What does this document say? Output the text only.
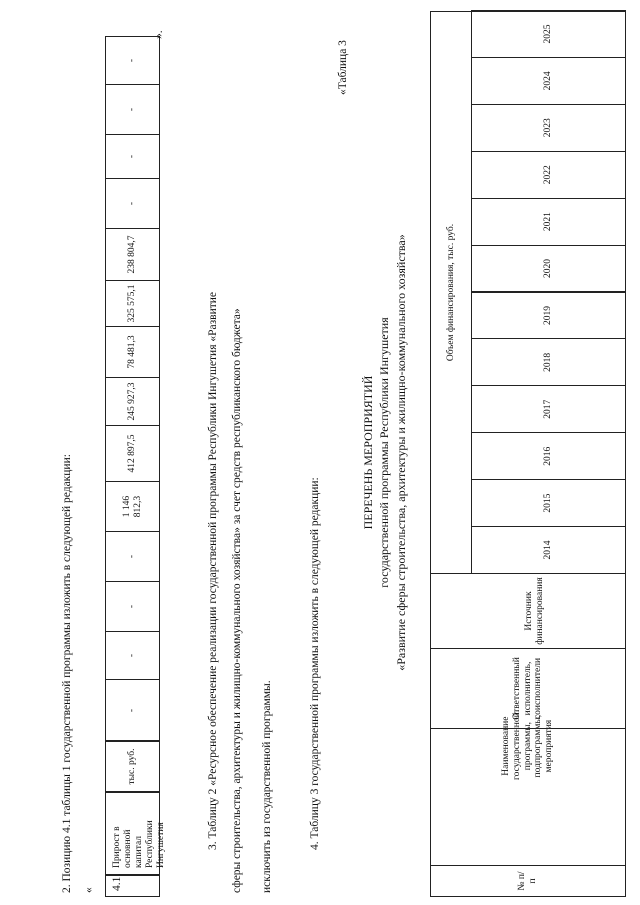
2. Позицию 4.1 таблицы 1 государственной программы изложить в следующей редакции: « 4.1.
Прирост в основной капитал Республики Ингушетия
тыс. руб.
-
-
-
-
1 146 812,3
412 897,5
245 927,3
78 481,3
325 575,1
238 804,7
-
-
-
-
».
3. Таблицу 2 «Ресурсное обеспечение реализации государственной программы Республики Ингушетия «Развитие сферы строительства, архитектуры и жилищно-коммунального хозяйства» за счет средств республиканского бюджета» исключить из государственной программы.	4. Таблицу 3 государственной программы изложить в следующей редакции:
«Таблица 3
ПЕРЕЧЕНЬ МЕРОПРИЯТИЙ государственной программы Республики Ингушетия «Развитие сферы строительства, архитектуры и жилищно-коммунального хозяйства»
№ п/п
Наименование государственной программы, подпрограммы, мероприятия
Ответственный исполнитель, соисполнители
Источник финансирования
Объем финансирования, тыс. руб.
2014
2015
2016
2017
2018
2019
2020
2021
2022
2023
2024
2025
